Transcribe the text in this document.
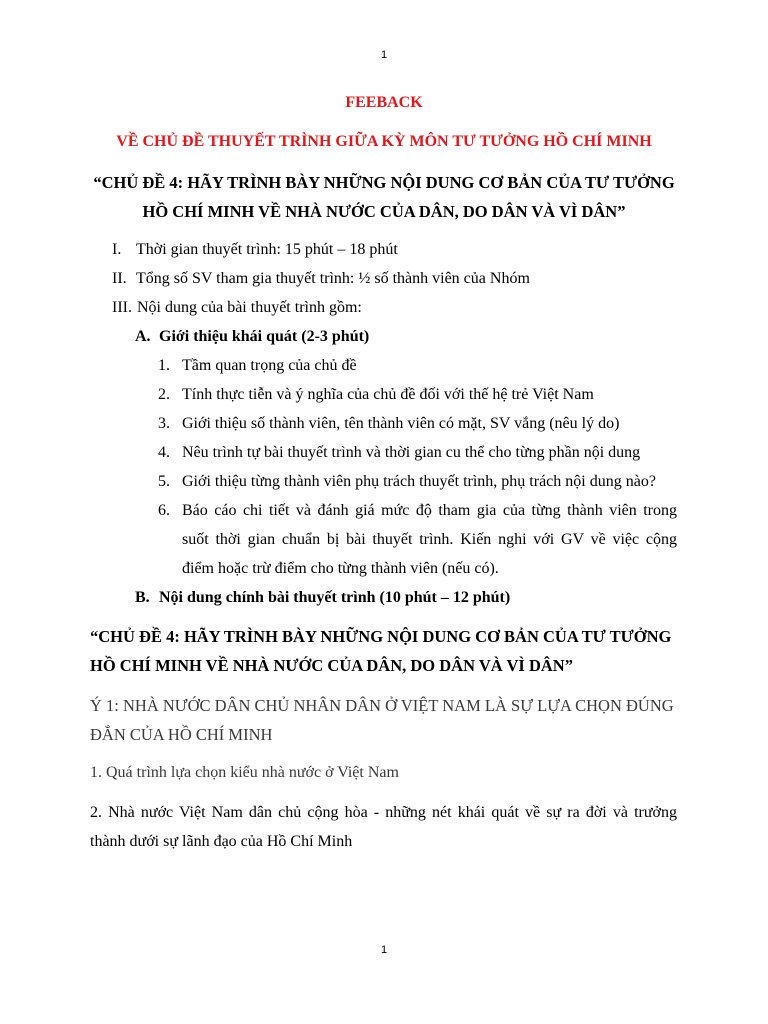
1
FEEBACK
VỀ CHỦ ĐỀ THUYẾT TRÌNH GIỮA KỲ MÔN TƯ TƯỞNG HỒ CHÍ MINH
“CHỦ ĐỀ 4: HÃY TRÌNH BÀY NHỮNG NỘI DUNG CƠ BẢN CỦA TƯ TƯỞNG
HỒ CHÍ MINH VỀ NHÀ NƯỚC CỦA DÂN, DO DÂN VÀ VÌ DÂN”
I. Thời gian thuyết trình: 15 phút – 18 phút
II. Tổng số SV tham gia thuyết trình: ½ số thành viên của Nhóm
III. Nội dung của bài thuyết trình gồm:
A. Giới thiệu khái quát (2-3 phút)
1. Tầm quan trọng của chủ đề
2. Tính thực tiễn và ý nghĩa của chủ đề đối với thế hệ trẻ Việt Nam
3. Giới thiệu số thành viên, tên thành viên có mặt, SV vắng (nêu lý do)
4. Nêu trình tự bài thuyết trình và thời gian cu thể cho từng phần nội dung
5. Giới thiệu từng thành viên phụ trách thuyết trình, phụ trách nội dung nào?
6. Báo cáo chi tiết và đánh giá mức độ tham gia của từng thành viên trong
suốt thời gian chuẩn bị bài thuyết trình. Kiến nghi với GV về việc cộng
điểm hoặc trừ điểm cho từng thành viên (nếu có).
B. Nội dung chính bài thuyết trình (10 phút – 12 phút)
“CHỦ ĐỀ 4: HÃY TRÌNH BÀY NHỮNG NỘI DUNG CƠ BẢN CỦA TƯ TƯỞNG
HỒ CHÍ MINH VỀ NHÀ NƯỚC CỦA DÂN, DO DÂN VÀ VÌ DÂN”
Ý 1: NHÀ NƯỚC DÂN CHỦ NHÂN DÂN Ở VIỆT NAM LÀ SỰ LỰA CHỌN ĐÚNG
ĐẮN CỦA HỒ CHÍ MINH
1. Quá trình lựa chọn kiểu nhà nước ở Việt Nam
2. Nhà nước Việt Nam dân chủ cộng hòa - những nét khái quát về sự ra đời và trưởng
thành dưới sự lãnh đạo của Hồ Chí Minh
1
